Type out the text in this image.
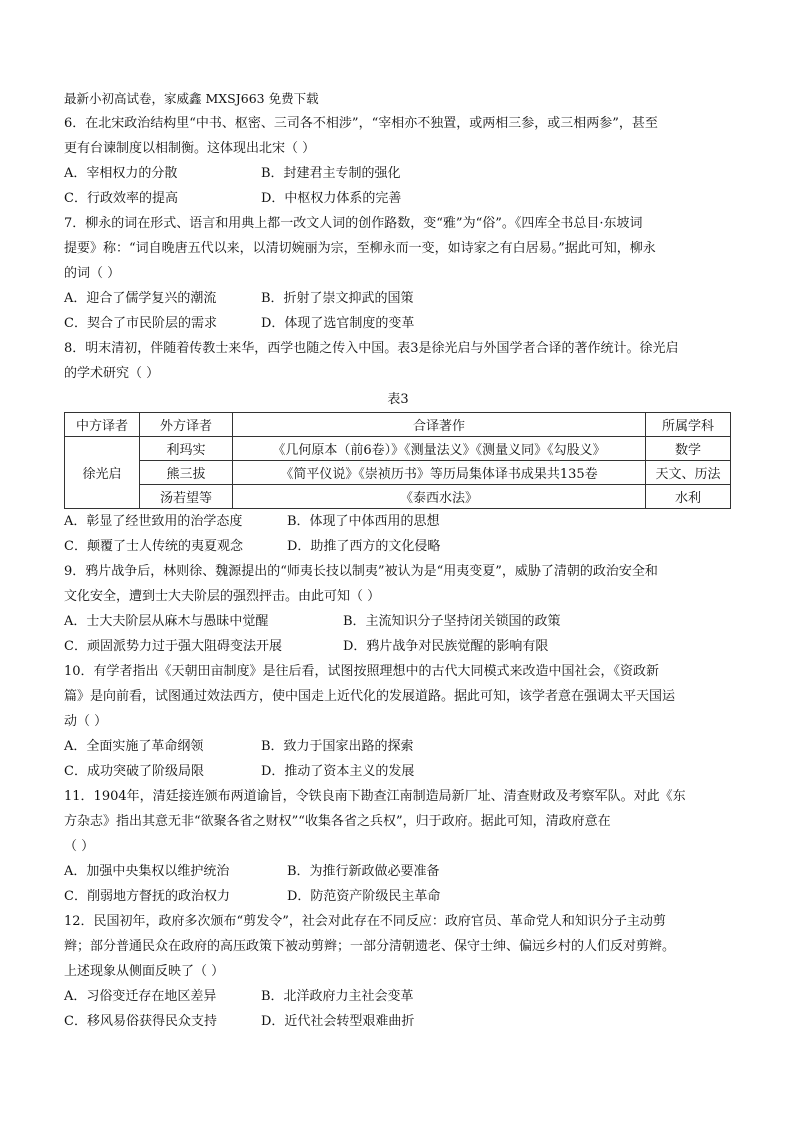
最新小初高试卷，家威鑫 MXSJ663 免费下载
6．在北宋政治结构里“中书、枢密、三司各不相涉”，“宰相亦不独置，或两相三参，或三相两参”，甚至
更有台谏制度以相制衡。这体现出北宋（ ）
A．宰相权力的分散	B．封建君主专制的强化
C．行政效率的提高	D．中枢权力体系的完善
7．柳永的词在形式、语言和用典上都一改文人词的创作路数，变“雅”为“俗”。《四库全书总目·东坡词
提要》称：“词自晚唐五代以来，以清切婉丽为宗，至柳永而一变，如诗家之有白居易。”据此可知，柳永
的词（ ）
A．迎合了儒学复兴的潮流	B．折射了崇文抑武的国策
C．契合了市民阶层的需求	D．体现了选官制度的变革
8．明末清初，伴随着传教士来华，西学也随之传入中国。表3是徐光启与外国学者合译的著作统计。徐光启
的学术研究（ ）
表3
中方译者	外方译者	合译著作	所属学科
徐光启	利玛实	《几何原本（前6卷）》《测量法义》《测量义同》《勾股义》	数学
	熊三拔	《简平仪说》《崇祯历书》等历局集体译书成果共135卷	天文、历法
	汤若望等	《泰西水法》	水利
A．彰显了经世致用的治学态度	B．体现了中体西用的思想
C．颠覆了士人传统的夷夏观念	D．助推了西方的文化侵略
9．鸦片战争后，林则徐、魏源提出的“师夷长技以制夷”被认为是“用夷变夏”，威胁了清朝的政治安全和
文化安全，遭到士大夫阶层的强烈抨击。由此可知（ ）
A．士大夫阶层从麻木与愚昧中觉醒	B．主流知识分子坚持闭关锁国的政策
C．顽固派势力过于强大阻碍变法开展	D．鸦片战争对民族觉醒的影响有限
10．有学者指出《天朝田亩制度》是往后看，试图按照理想中的古代大同模式来改造中国社会，《资政新
篇》是向前看，试图通过效法西方，使中国走上近代化的发展道路。据此可知，该学者意在强调太平天国运
动（ ）
A．全面实施了革命纲领	B．致力于国家出路的探索
C．成功突破了阶级局限	D．推动了资本主义的发展
11．1904年，清廷接连颁布两道谕旨，令铁良南下勘查江南制造局新厂址、清查财政及考察军队。对此《东
方杂志》指出其意无非“欲聚各省之财权”“收集各省之兵权”，归于政府。据此可知，清政府意在
（ ）
A．加强中央集权以维护统治	B．为推行新政做必要准备
C．削弱地方督抚的政治权力	D．防范资产阶级民主革命
12．民国初年，政府多次颁布“剪发令”，社会对此存在不同反应：政府官员、革命党人和知识分子主动剪
辫；部分普通民众在政府的高压政策下被动剪辫；一部分清朝遗老、保守士绅、偏远乡村的人们反对剪辫。
上述现象从侧面反映了（ ）
A．习俗变迁存在地区差异	B．北洋政府力主社会变革
C．移风易俗获得民众支持	D．近代社会转型艰难曲折
